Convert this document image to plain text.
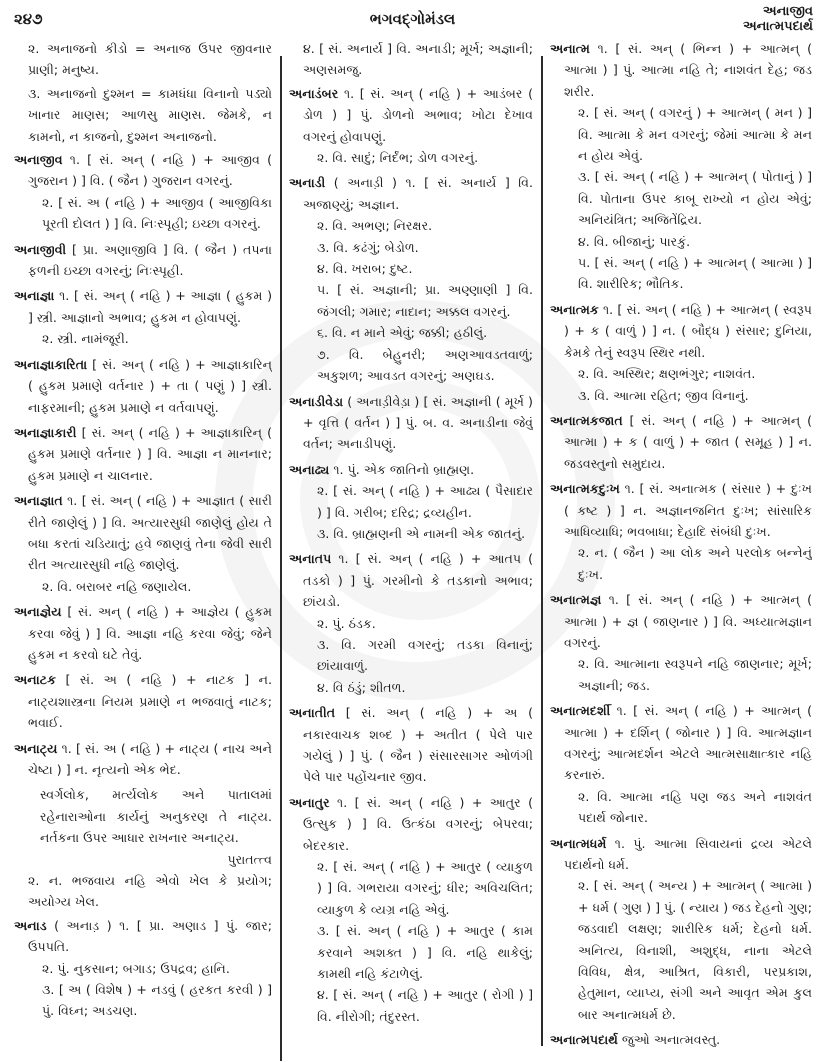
૨૪૭	ભગવદ્ગોમંડલ	અનાજીવ
અનાત્મપદાર્થ

૨. અનાજનો કીડો = અનાજ ઉપર જીવનાર પ્રાણી; મનુષ્ય.

૩. અનાજનો દુશ્મન = કામધંધા વિનાનો પડ્યો ખાનાર માણસ; આળસુ માણસ. જેમકે, ન કામનો, ન કાજનો, દુશ્મન અનાજનો.

અનાજીવ ૧. [ સં. અન્ ( નહિ ) + આજીવ ( ગુજરાન ) ] વિ. ( જૈન ) ગુજરાન વગરનું.
૨. [ સં. અ ( નહિ ) + આજીવ ( આજીવિકા પૂરતી દોલત ) ] વિ. નિઃસ્પૃહી; ઇચ્છા વગરનું.

અનાજીવી [ પ્રા. અણાજીવિ ] વિ. ( જૈન ) તપના ફળની ઇચ્છા વગરનું; નિઃસ્પૃહી.

અનાજ્ઞા ૧. [ સં. અન્ ( નહિ ) + આજ્ઞા ( હુકમ ) ] સ્ત્રી. આજ્ઞાનો અભાવ; હુકમ ન હોવાપણું.
૨. સ્ત્રી. નામંજૂરી.

અનાજ્ઞાકારિતા [ સં. અન્ ( નહિ ) + આજ્ઞાકારિન્ ( હુકમ પ્રમાણે વર્તનાર ) + તા ( પણું ) ] સ્ત્રી. નાફરમાની; હુકમ પ્રમાણે ન વર્તવાપણું.

અનાજ્ઞાકારી [ સં. અન્ ( નહિ ) + આજ્ઞાકારિન્ ( હુકમ પ્રમાણે વર્તનાર ) ] વિ. આજ્ઞા ન માનનાર; હુકમ પ્રમાણે ન ચાલનાર.

અનાજ્ઞાત ૧. [ સં. અન્ ( નહિ ) + આજ્ઞાત ( સારી રીતે જાણેલું ) ] વિ. અત્યારસુધી જાણેલું હોય તે બધા કરતાં ચડિયાતું; હવે જાણવું તેના જેવી સારી રીત અત્યારસુધી નહિ જાણેલું.
૨. વિ. બરાબર નહિ જણાયેલ.

અનાજ્ઞેય [ સં. અન્ ( નહિ ) + આજ્ઞેય ( હુકમ કરવા જેવું ) ] વિ. આજ્ઞા નહિ કરવા જેવું; જેને હુકમ ન કરવો ઘટે તેવું.

અનાટક [ સં. અ ( નહિ ) + નાટક ] ન. નાટ્યશાસ્ત્રના નિયમ પ્રમાણે ન ભજવાતું નાટક; ભવાઈ.

અનાટ્ય ૧. [ સં. અ ( નહિ ) + નાટ્ય ( નાચ અને ચેષ્ટા ) ] ન. નૃત્યનો એક ભેદ.

સ્વર્ગલોક, મર્ત્યલોક અને પાતાલમાં રહેનારાઓના કાર્યનું અનુકરણ તે નાટ્ય. નર્તકના ઉપર આધાર રાખનાર અનાટ્ય.
પુરાતત્ત્વ

૨. ન. ભજવાય નહિ એવો ખેલ કે પ્રયોગ; અયોગ્ય ખેલ.

અનાડ ( અનાડ઼ ) ૧. [ પ્રા. અણાડ ] પું. જાર; ઉપપતિ.
૨. પું. નુકસાન; બગાડ; ઉપદ્રવ; હાનિ.
૩. [ અ ( વિશેષ ) + નડવું ( હરકત કરવી ) ] પું. વિઘ્ન; અડચણ.

૪. [ સં. અનાર્ય ] વિ. અનાડી; મૂર્ખ; અજ્ઞાની; અણસમજુ.

અનાડંબર ૧. [ સં. અન્ ( નહિ ) + આડંબર ( ડોળ ) ] પું. ડોળનો અભાવ; ખોટા દેખાવ વગરનું હોવાપણું.
૨. વિ. સાદું; નિર્દંભ; ડોળ વગરનું.

અનાડી ( અનાડ઼ી ) ૧. [ સં. અનાર્ય ] વિ. અજાણ્યું; અજ્ઞાન.
૨. વિ. અભણ; નિરક્ષર.
૩. વિ. કઢંગું; બેડોળ.
૪. વિ. ખરાબ; દુષ્ટ.
૫. [ સં. અજ્ઞાની; પ્રા. અણ્ણાણી ] વિ. જંગલી; ગમાર; નાદાન; અક્કલ વગરનું.
૬. વિ. ન માને એવું; જક્કી; હઠીલું.
૭. વિ. બેહુનરી; અણઆવડતવાળું; અકુશળ; આવડત વગરનું; અણઘડ.

અનાડીવેડા ( અનાડ઼ીવેડ઼ા ) [ સં. અજ્ઞાની ( મૂર્ખ ) + વૃત્તિ ( વર્તન ) ] પું. બ. વ. અનાડીના જેવું વર્તન; અનાડીપણું.

અનાઢ્ય ૧. પું. એક જાતિનો બ્રાહ્મણ.
૨. [ સં. અન્ ( નહિ ) + આઢ્ય ( પૈસાદાર ) ] વિ. ગરીબ; દરિદ્ર; દ્રવ્યહીન.
૩. વિ. બ્રાહ્મણની એ નામની એક જાતનું.

અનાતપ ૧. [ સં. અન્ ( નહિ ) + આતપ ( તડકો ) ] પું. ગરમીનો કે તડકાનો અભાવ; છાંયડો.
૨. પું. ઠંડક.
૩. વિ. ગરમી વગરનું; તડકા વિનાનું; છાંયાવાળું.
૪. વિ ઠંડું; શીતળ.

અનાતીત [ સં. અન્ ( નહિ ) + અ ( નકારવાચક શબ્દ ) + અતીત ( પેલે પાર ગયેલું ) ] પું. ( જૈન ) સંસારસાગર ઓળંગી પેલે પાર પહોંચનાર જીવ.

અનાતુર ૧. [ સં. અન્ ( નહિ ) + આતુર ( ઉત્સુક ) ] વિ. ઉત્કંઠા વગરનું; બેપરવા; બેદરકાર.
૨. [ સં. અન્ ( નહિ ) + આતુર ( વ્યાકુળ ) ] વિ. ગભરાયા વગરનું; ધીર; અવિચલિત; વ્યાકુળ કે વ્યગ્ર નહિ એવું.
૩. [ સં. અન્ ( નહિ ) + આતુર ( કામ કરવાને અશક્ત ) ] વિ. નહિ થાકેલું; કામથી નહિ કંટાળેલું.
૪. [ સં. અન્ ( નહિ ) + આતુર ( રોગી ) ] વિ. નીરોગી; તંદુરસ્ત.

અનાત્મ ૧. [ સં. અન્ ( ભિન્ન ) + આત્મન્ ( આત્મા ) ] પું. આત્મા નહિ તે; નાશવંત દેહ; જડ શરીર.
૨. [ સં. અન્ ( વગરનું ) + આત્મન્ ( મન ) ] વિ. આત્મા કે મન વગરનું; જેમાં આત્મા કે મન ન હોય એવું.
૩. [ સં. અન્ ( નહિ ) + આત્મન્ ( પોતાનું ) ] વિ. પોતાના ઉપર કાબૂ રાખ્યો ન હોય એવું; અનિયંત્રિત; અજિતેંદ્રિય.
૪. વિ. બીજાનું; પારકું.
૫. [ સં. અન્ ( નહિ ) + આત્મન્ ( આત્મા ) ] વિ. શારીરિક; ભૌતિક.

અનાત્મક ૧. [ સં. અન્ ( નહિ ) + આત્મન્ ( સ્વરૂપ ) + ક ( વાળું ) ] ન. ( બૌદ્ધ ) સંસાર; દુનિયા, કેમકે તેનું સ્વરૂપ સ્થિર નથી.
૨. વિ. અસ્થિર; ક્ષણભંગુર; નાશવંત.
૩. વિ. આત્મા રહિત; જીવ વિનાનું.

અનાત્મકજાત [ સં. અન્ ( નહિ ) + આત્મન્ ( આત્મા ) + ક ( વાળું ) + જાત ( સમૂહ ) ] ન. જડવસ્તુનો સમુદાય.

અનાત્મકદુઃખ ૧. [ સં. અનાત્મક ( સંસાર ) + દુઃખ ( કષ્ટ ) ] ન. અજ્ઞાનજનિત દુઃખ; સાંસારિક આધિવ્યાધિ; ભવબાધા; દેહાદિ સંબંધી દુઃખ.
૨. ન. ( જૈન ) આ લોક અને પરલોક બન્નેનું દુઃખ.

અનાત્મજ્ઞ ૧. [ સં. અન્ ( નહિ ) + આત્મન્ ( આત્મા ) + જ્ઞ ( જાણનાર ) ] વિ. અધ્યાત્મજ્ઞાન વગરનું.
૨. વિ. આત્માના સ્વરૂપને નહિ જાણનાર; મૂર્ખ; અજ્ઞાની; જડ.

અનાત્મદર્શી ૧. [ સં. અન્ ( નહિ ) + આત્મન્ ( આત્મા ) + દર્શિન્ ( જોનાર ) ] વિ. આત્મજ્ઞાન વગરનું; આત્મદર્શન એટલે આત્મસાક્ષાત્કાર નહિ કરનારું.
૨. વિ. આત્મા નહિ પણ જડ અને નાશવંત પદાર્થ જોનાર.

અનાત્મધર્મ ૧. પું. આત્મા સિવાયનાં દ્રવ્ય એટલે પદાર્થનો ધર્મ.
૨. [ સં. અન્ ( અન્ય ) + આત્મન્ ( આત્મા ) + ધર્મ ( ગુણ ) ] પું. ( ન્યાય ) જડ દેહનો ગુણ; જડવાદી લક્ષણ; શારીરિક ધર્મ; દેહનો ધર્મ. અનિત્ય, વિનાશી, અશુદ્ધ, નાના એટલે વિવિધ, ક્ષેત્ર, આશ્રિત, વિકારી, પરપ્રકાશ, હેતુમાન, વ્યાપ્ય, સંગી અને આવૃત એમ કુલ બાર અનાત્મધર્મ છે.

અનાત્મપદાર્થ જુઓ અનાત્મવસ્તુ.
